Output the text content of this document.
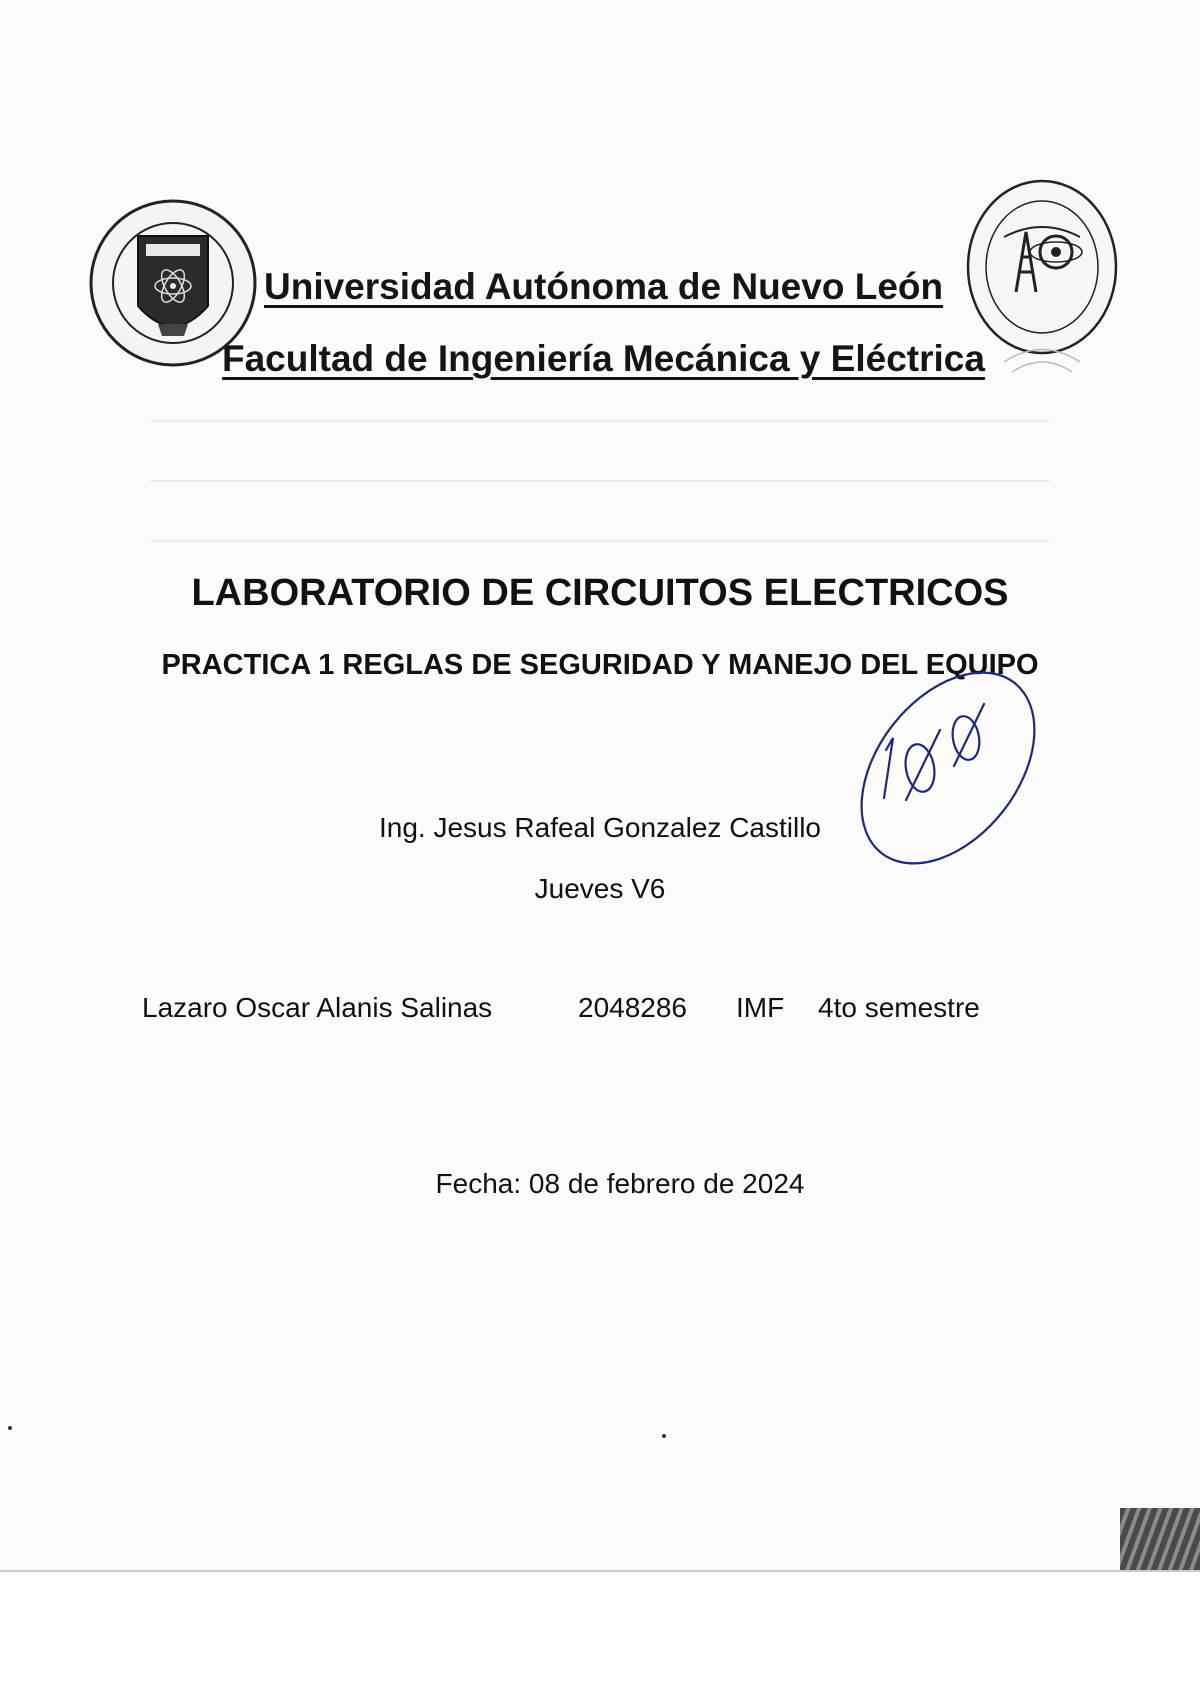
Universidad Autónoma de Nuevo León
Facultad de Ingeniería Mecánica y Eléctrica
LABORATORIO DE CIRCUITOS ELECTRICOS
PRACTICA 1 REGLAS DE SEGURIDAD Y MANEJO DEL EQUIPO
Ing. Jesus Rafeal Gonzalez Castillo
Jueves V6
Lazaro Oscar Alanis Salinas	2048286 IMF 4to semestre
Fecha: 08 de febrero de 2024
